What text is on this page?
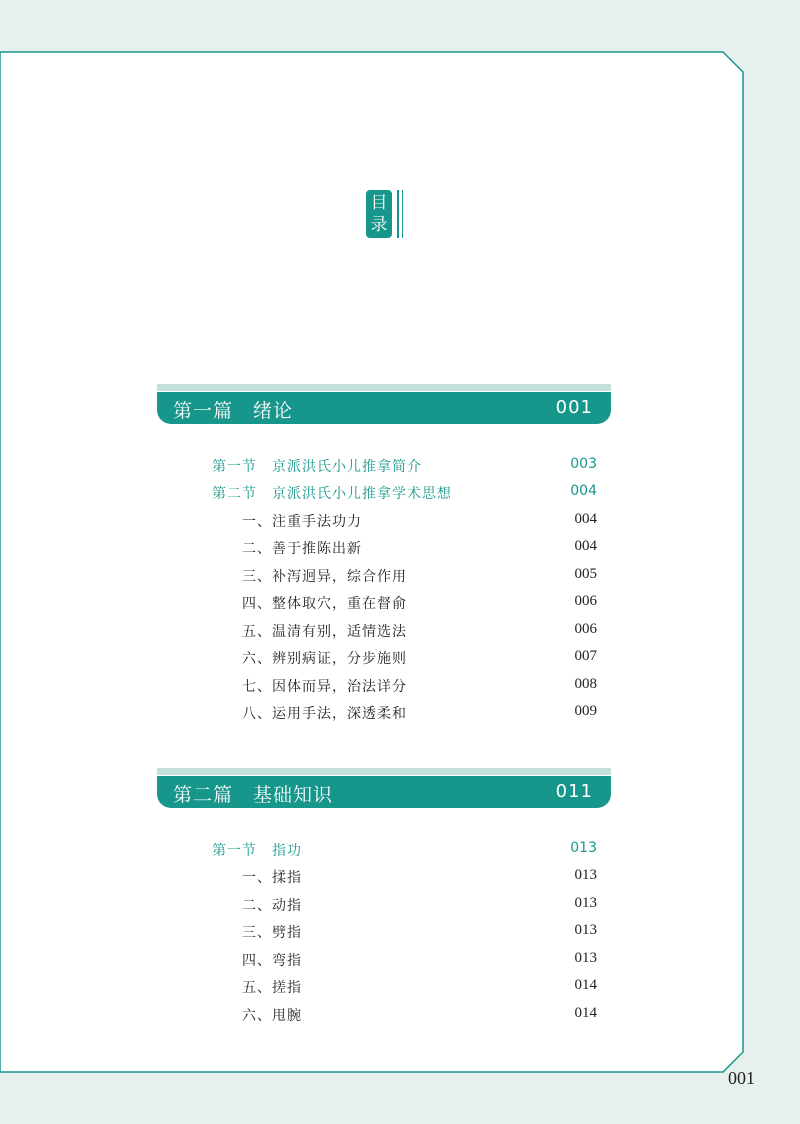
目
录
第一篇　绪论	001
第一节　京派洪氏小儿推拿简介	003
第二节　京派洪氏小儿推拿学术思想	004
一、注重手法功力	004
二、善于推陈出新	004
三、补泻迥异，综合作用	005
四、整体取穴，重在督俞	006
五、温清有别，适情选法	006
六、辨别病证，分步施则	007
七、因体而异，治法详分	008
八、运用手法，深透柔和	009
第二篇　基础知识	011
第一节　指功	013
一、揉指	013
二、动指	013
三、劈指	013
四、弯指	013
五、搓指	014
六、甩腕	014
001
